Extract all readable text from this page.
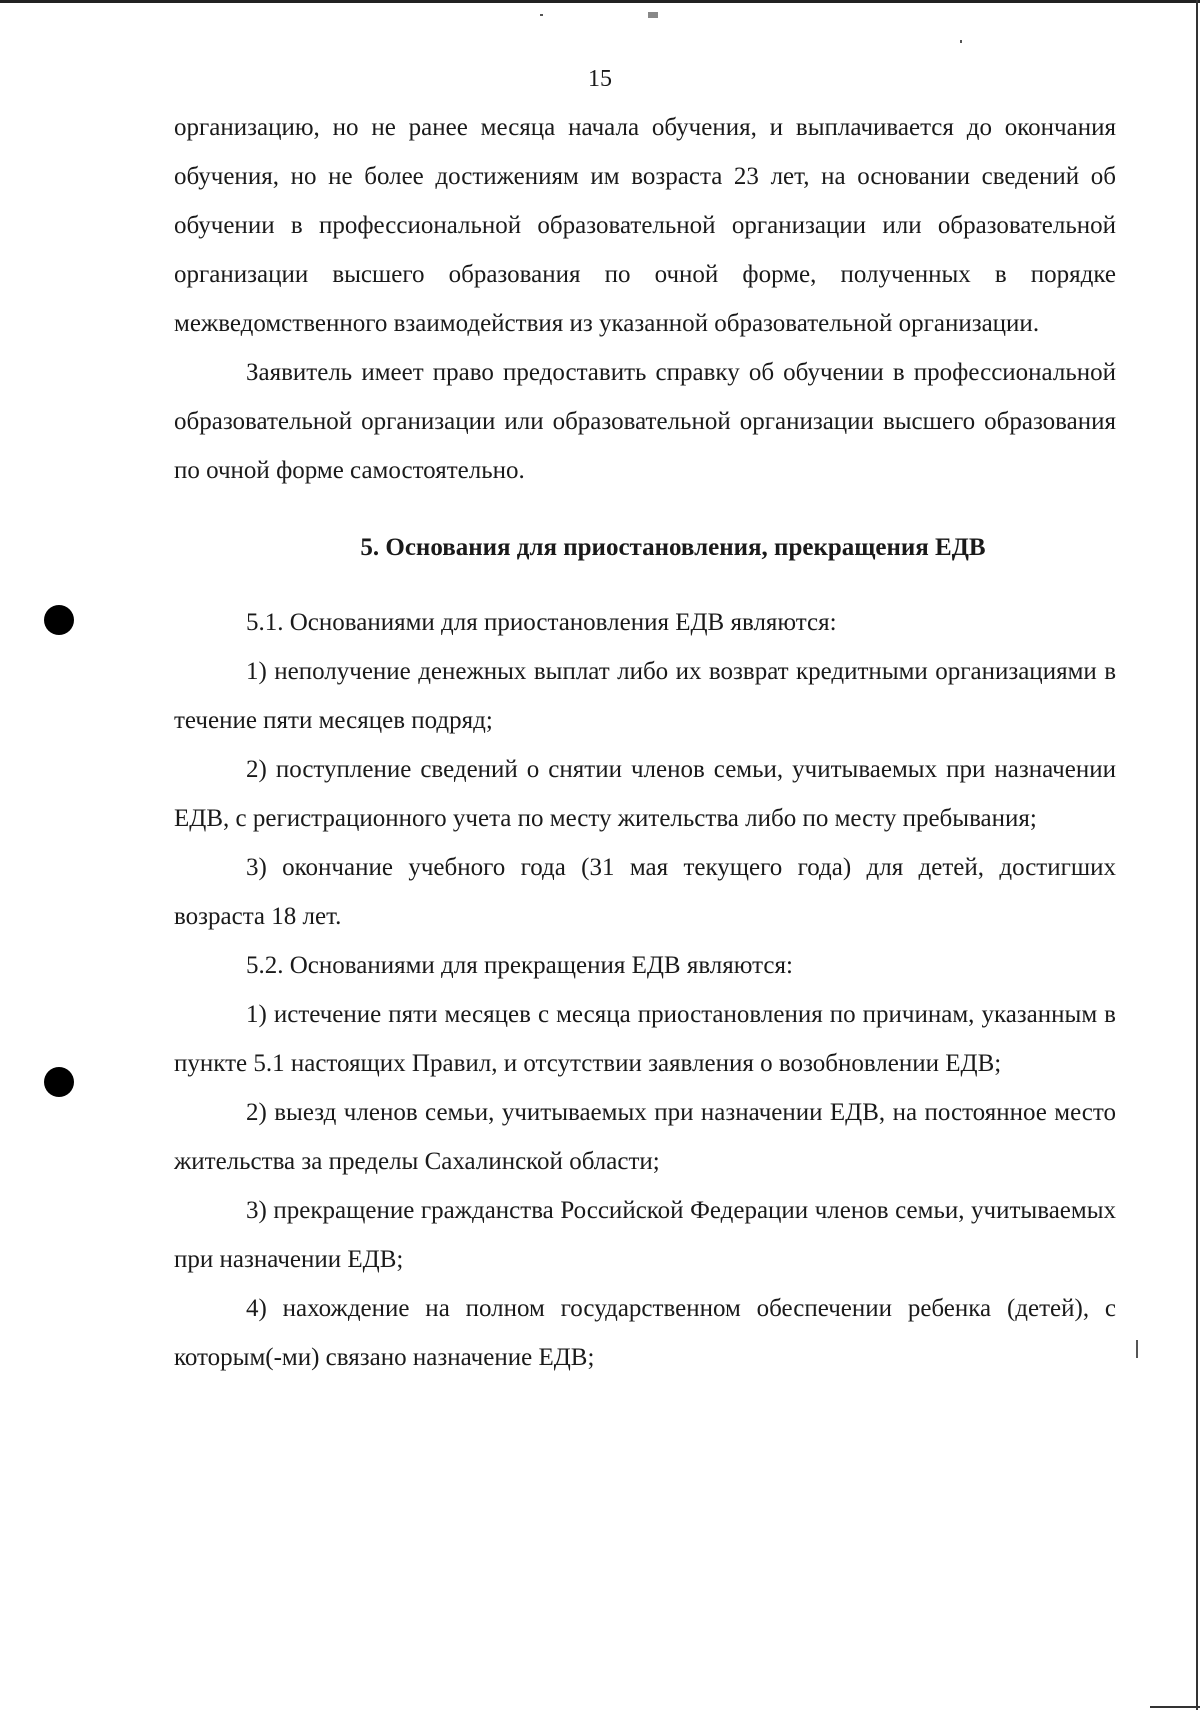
15

организацию, но не ранее месяца начала обучения, и выплачивается до окончания обучения, но не более достижениям им возраста 23 лет, на основании сведений об обучении в профессиональной образовательной организации или образовательной организации высшего образования по очной форме, полученных в порядке межведомственного взаимодействия из указанной образовательной организации.

Заявитель имеет право предоставить справку об обучении в профессиональной образовательной организации или образовательной организации высшего образования по очной форме самостоятельно.

5. Основания для приостановления, прекращения ЕДВ

5.1. Основаниями для приостановления ЕДВ являются:

1) неполучение денежных выплат либо их возврат кредитными организациями в течение пяти месяцев подряд;

2) поступление сведений о снятии членов семьи, учитываемых при назначении ЕДВ, с регистрационного учета по месту жительства либо по месту пребывания;

3) окончание учебного года (31 мая текущего года) для детей, достигших возраста 18 лет.

5.2. Основаниями для прекращения ЕДВ являются:

1) истечение пяти месяцев с месяца приостановления по причинам, указанным в пункте 5.1 настоящих Правил, и отсутствии заявления о возобновлении ЕДВ;

2) выезд членов семьи, учитываемых при назначении ЕДВ, на постоянное место жительства за пределы Сахалинской области;

3) прекращение гражданства Российской Федерации членов семьи, учитываемых при назначении ЕДВ;

4) нахождение на полном государственном обеспечении ребенка (детей), с которым(-ми) связано назначение ЕДВ;
